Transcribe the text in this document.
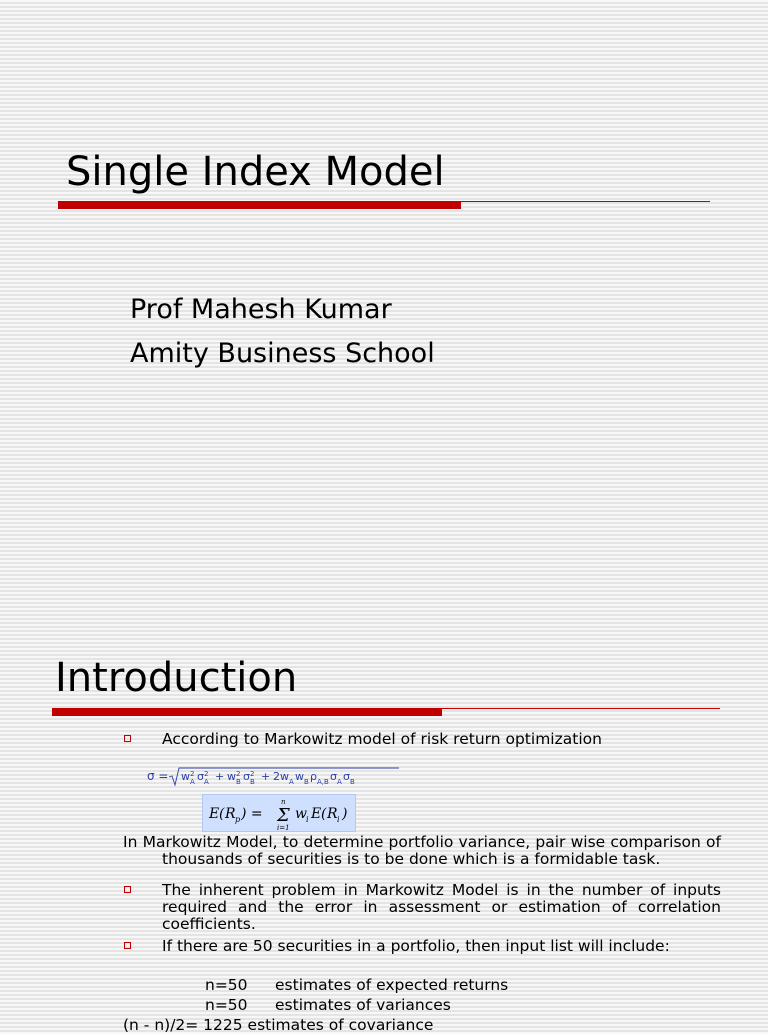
Single Index Model
Prof Mahesh Kumar
Amity Business School
Introduction
According to Markowitz model of risk return optimization
σ = w 2
A σ 2
A + w 2
B σ 2
B + 2w A w B ρ A,B σ A σ B
E ( R p ) =
n
Σ
i=1
w i E ( R i )
In Markowitz Model, to determine portfolio variance, pair wise comparison of thousands of securities is to be done which is a formidable task.
The inherent problem in Markowitz Model is in the number of inputs required and the error in assessment or estimation of correlation coefficients.
If there are 50 securities in a portfolio, then input list will include:
n=50 estimates of expected returns
n=50 estimates of variances
(n - n)/2= 1225 estimates of covariance
